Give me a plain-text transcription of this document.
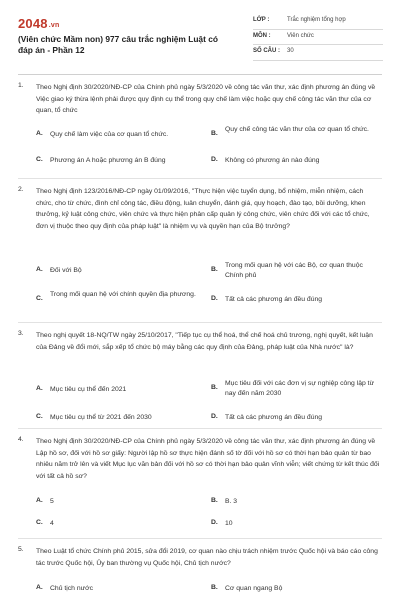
2048.vn
(Viên chức Mầm non) 977 câu trắc nghiệm Luật có đáp án - Phần 12
LỚP :	Trắc nghiệm tổng hợp
MÔN :	Viên chức
SỐ CÂU : 30
1. Theo Nghị định 30/2020/NĐ-CP của Chính phủ ngày 5/3/2020 về công tác văn thư, xác định phương án đúng về Việc giao ký thừa lệnh phải được quy định cụ thể trong quy chế làm việc hoặc quy chế công tác văn thư của cơ quan, tổ chức
A. Quy chế làm việc của cơ quan tổ chức.	B.
Quy chế công tác văn thư của cơ quan tổ chức.
C. Phương án A hoặc phương án B đúng	D. Không có phương án nào đúng
2. Theo Nghị định 123/2016/NĐ-CP ngày 01/09/2016, "Thực hiện việc tuyển dụng, bổ nhiệm, miễn nhiệm, cách chức, cho từ chức, đình chỉ công tác, điều động, luân chuyển, đánh giá, quy hoạch, đào tạo, bồi dưỡng, khen thưởng, kỷ luật công chức, viên chức và thực hiện phân cấp quản lý công chức, viên chức đối với các tổ chức, đơn vị thuộc theo quy định của pháp luật" là nhiệm vụ và quyền hạn của Bộ trưởng?
A. Đối với Bộ	B.
Trong mối quan hệ với các Bộ, cơ quan thuộc Chính phủ
C.
Trong mối quan hệ với chính quyền địa phương.
D. Tất cả các phương án đều đúng
3. Theo nghị quyết 18-NQ/TW ngày 25/10/2017, "Tiếp tục cụ thể hoá, thể chế hoá chủ trương, nghị quyết, kết luận của Đảng về đổi mới, sắp xếp tổ chức bộ máy bằng các quy định của Đảng, pháp luật của Nhà nước" là?
A. Mục tiêu cụ thể đến 2021	B.
Mục tiêu đối với các đơn vị sự nghiệp công lập từ nay đến năm 2030
C. Mục tiêu cụ thể từ 2021 đến 2030	D. Tất cả các phương án đều đúng
4. Theo Nghị định 30/2020/NĐ-CP của Chính phủ ngày 5/3/2020 về công tác văn thư, xác định phương án đúng về Lập hồ sơ, đối với hồ sơ giấy: Người lập hồ sơ thực hiện đánh số tờ đối với hồ sơ có thời hạn bảo quản từ bao nhiêu năm trở lên và viết Mục lục văn bản đối với hồ sơ có thời hạn bảo quản vĩnh viễn; viết chứng từ kết thúc đối với tất cả hồ sơ?
A. 5	B. B. 3
C. 4	D. 10
5. Theo Luật tổ chức Chính phủ 2015, sửa đổi 2019, cơ quan nào chịu trách nhiệm trước Quốc hội và báo cáo công tác trước Quốc hội, Ủy ban thường vụ Quốc hội, Chủ tịch nước?
A. Chủ tịch nước	B. Cơ quan ngang Bộ
